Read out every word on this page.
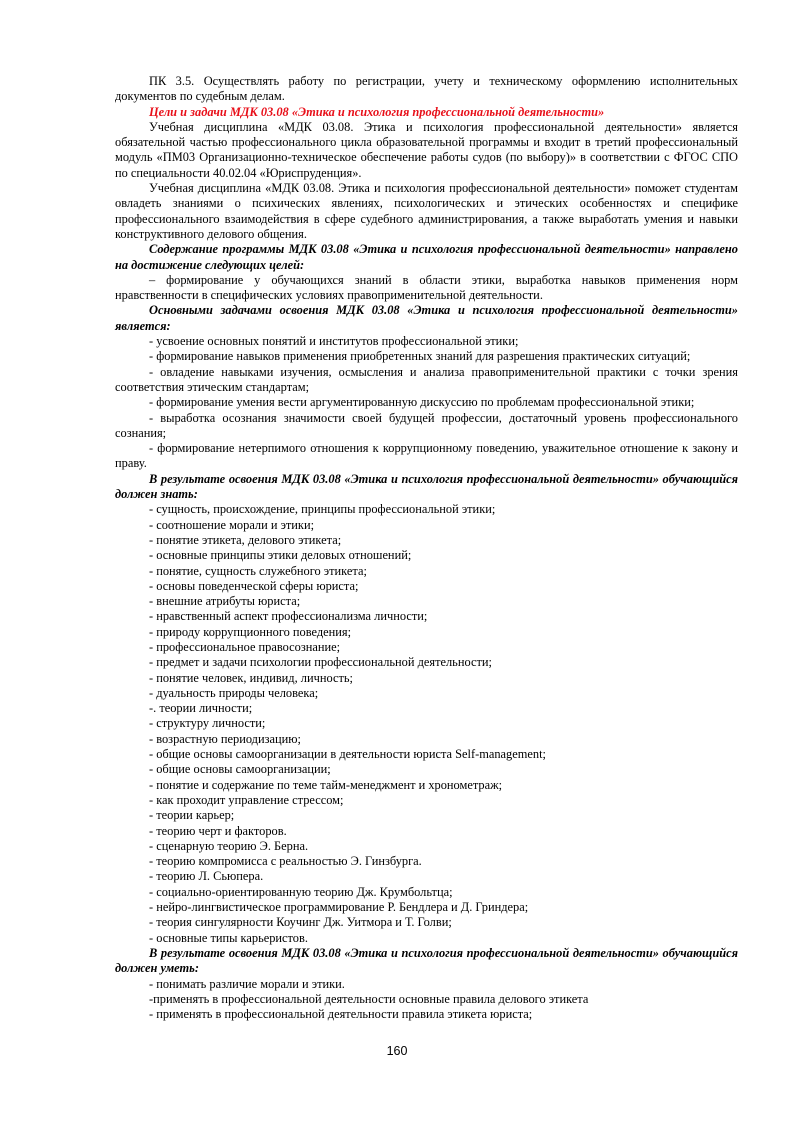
ПК 3.5. Осуществлять работу по регистрации, учету и техническому оформлению исполнительных документов по судебным делам.

Цели и задачи МДК 03.08 «Этика и психология профессиональной деятельности»

Учебная дисциплина «МДК 03.08. Этика и психология профессиональной деятельности» является обязательной частью профессионального цикла образовательной программы и входит в третий профессиональный модуль «ПМ03 Организационно-техническое обеспечение работы судов (по выбору)» в соответствии с ФГОС СПО по специальности 40.02.04 «Юриспруденция».

Учебная дисциплина «МДК 03.08. Этика и психология профессиональной деятельности» поможет студентам овладеть знаниями о психических явлениях, психологических и этических особенностях и специфике профессионального взаимодействия в сфере судебного администрирования, а также выработать умения и навыки конструктивного делового общения.

Содержание программы МДК 03.08 «Этика и психология профессиональной деятельности» направлено на достижение следующих целей:

– формирование у обучающихся знаний в области этики, выработка навыков применения норм нравственности в специфических условиях правоприменительной деятельности.

Основными задачами освоения МДК 03.08 «Этика и психология профессиональной деятельности» является:

- усвоение основных понятий и институтов профессиональной этики;

- формирование навыков применения приобретенных знаний для разрешения практических ситуаций;

- овладение навыками изучения, осмысления и анализа правоприменительной практики с точки зрения соответствия этическим стандартам;

- формирование умения вести аргументированную дискуссию по проблемам профессиональной этики;

- выработка осознания значимости своей будущей профессии, достаточный уровень профессионального сознания;

- формирование нетерпимого отношения к коррупционному поведению, уважительное отношение к закону и праву.

В результате освоения МДК 03.08 «Этика и психология профессиональной деятельности» обучающийся должен знать:

- сущность, происхождение, принципы профессиональной этики;

- соотношение морали и этики;

- понятие этикета, делового этикета;

- основные принципы этики деловых отношений;

- понятие, сущность служебного этикета;

- основы поведенческой сферы юриста;

- внешние атрибуты юриста;

- нравственный аспект профессионализма личности;

- природу коррупционного поведения;

- профессиональное правосознание;

- предмет и задачи психологии профессиональной деятельности;

- понятие человек, индивид, личность;

- дуальность природы человека;

-. теории личности;

- структуру личности;

- возрастную периодизацию;

- общие основы самоорганизации в деятельности юриста Self-management;

- общие основы самоорганизации;

- понятие и содержание по теме тайм-менеджмент и хронометраж;

- как проходит управление стрессом;

- теории карьер;

- теорию черт и факторов.

- сценарную теорию Э. Берна.

- теорию компромисса с реальностью Э. Гинзбурга.

- теорию Л. Сьюпера.

- социально-ориентированную теорию Дж. Крумбольтца;

- нейро-лингвистическое программирование Р. Бендлера и Д. Гриндера;

- теория сингулярности Коучинг Дж. Уитмора и Т. Голви;

- основные типы карьеристов.

В результате освоения МДК 03.08 «Этика и психология профессиональной деятельности» обучающийся должен уметь:

- понимать различие морали и этики.

-применять в профессиональной деятельности основные правила делового этикета

- применять в профессиональной деятельности правила этикета юриста;

160
